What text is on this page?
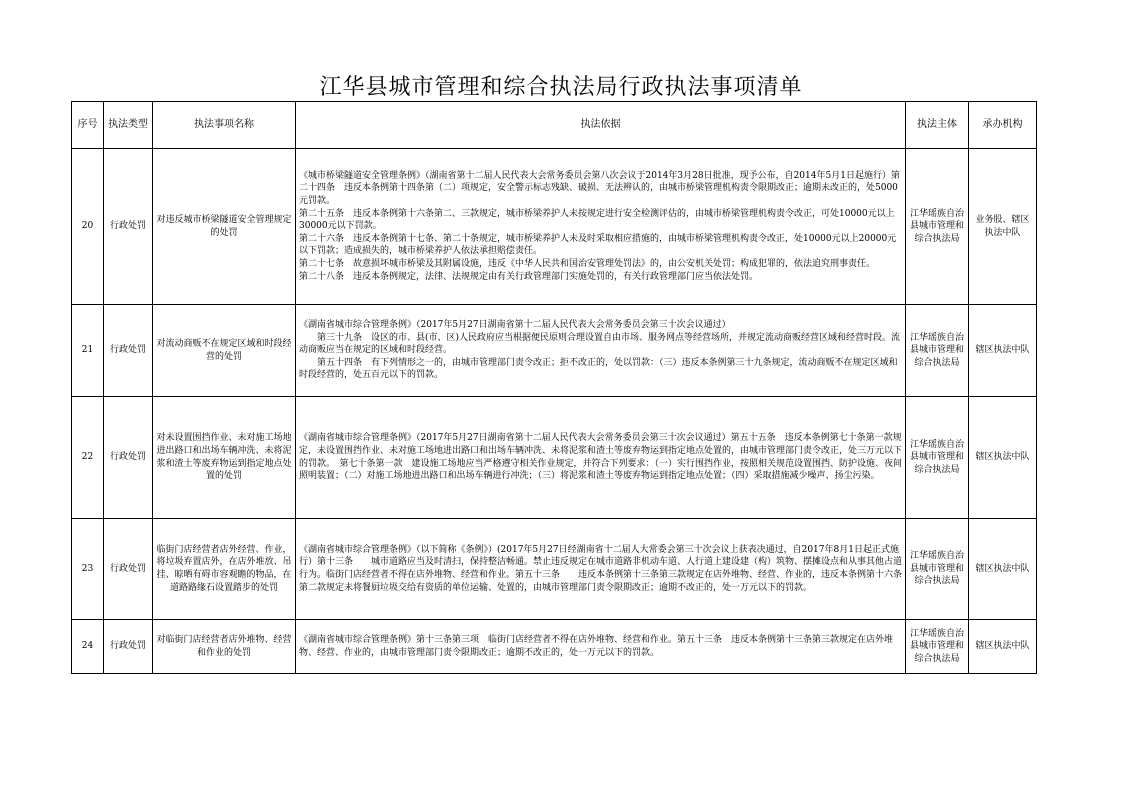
江华县城市管理和综合执法局行政执法事项清单
序号	执法类型	执法事项名称	执法依据	执法主体	承办机构
20	行政处罚	对违反城市桥梁隧道安全管理规定的处罚	《城市桥梁隧道安全管理条例》（湖南省第十二届人民代表大会常务委员会第八次会议于2014年3月28日批准，现予公布，自2014年5月1日起施行）第二十四条　违反本条例第十四条第（二）项规定，安全警示标志残缺、破损、无法辨认的，由城市桥梁管理机构责令限期改正；逾期未改正的，处5000元罚款。
第二十五条　违反本条例第十六条第二、三款规定，城市桥梁养护人未按规定进行安全检测评估的，由城市桥梁管理机构责令改正，可处10000元以上30000元以下罚款。
第二十六条　违反本条例第十七条、第二十条规定，城市桥梁养护人未及时采取相应措施的，由城市桥梁管理机构责令改正，处10000元以上20000元以下罚款；造成损失的，城市桥梁养护人依法承担赔偿责任。
第二十七条　故意损坏城市桥梁及其附属设施，违反《中华人民共和国治安管理处罚法》的，由公安机关处罚；构成犯罪的，依法追究刑事责任。
第二十八条　违反本条例规定，法律、法规规定由有关行政管理部门实施处罚的，有关行政管理部门应当依法处罚。	江华瑶族自治县城市管理和综合执法局	业务股、辖区执法中队
21	行政处罚	对流动商贩不在规定区域和时段经营的处罚	《湖南省城市综合管理条例》（2017年5月27日湖南省第十二届人民代表大会常务委员会第三十次会议通过）
第三十九条　设区的市、县(市、区)人民政府应当根据便民原则合理设置自由市场、服务网点等经营场所，并规定流动商贩经营区域和经营时段。流动商贩应当在规定的区域和时段经营。
第五十四条　有下列情形之一的，由城市管理部门责令改正；拒不改正的，处以罚款：（三）违反本条例第三十九条规定，流动商贩不在规定区域和时段经营的，处五百元以下的罚款。	江华瑶族自治县城市管理和综合执法局	辖区执法中队
22	行政处罚	对未设置围挡作业、未对施工场地进出路口和出场车辆冲洗、未将泥浆和渣土等废弃物运到指定地点处置的处罚	《湖南省城市综合管理条例》（2017年5月27日湖南省第十二届人民代表大会常务委员会第三十次会议通过）第五十五条　违反本条例第七十条第一款规定，未设置围挡作业、未对施工场地进出路口和出场车辆冲洗、未将泥浆和渣土等废弃物运到指定地点处置的，由城市管理部门责令改正，处三万元以下的罚款。　第七十条第一款　建设施工场地应当严格遵守相关作业规定，并符合下列要求：（一）实行围挡作业，按照相关规范设置围挡、防护设施、夜间照明装置；（二）对施工场地进出路口和出场车辆进行冲洗；（三）将泥浆和渣土等废弃物运到指定地点处置；（四）采取措施减少噪声、扬尘污染。	江华瑶族自治县城市管理和综合执法局	辖区执法中队
23	行政处罚	临街门店经营者店外经营、作业，将垃圾弃置店外，在店外堆放、吊挂、晾晒有碍市容观瞻的物品，在道路路缘石设置踏步的处罚	《湖南省城市综合管理条例》（以下简称《条例》）(2017年5月27日经湖南省十二届人大常委会第三十次会议上获表决通过，自2017年8月1日起正式施行）第十三条　　城市道路应当及时清扫，保持整洁畅通。禁止违反规定在城市道路非机动车道、人行道上建设建（构）筑物、摆摊设点和从事其他占道行为。临街门店经营者不得在店外堆物、经营和作业。第五十三条　　违反本条例第十三条第三款规定在店外堆物、经营、作业的，违反本条例第十六条第二款规定未将餐厨垃圾交给有资质的单位运输、处置的，由城市管理部门责令限期改正；逾期不改正的，处一万元以下的罚款。	江华瑶族自治县城市管理和综合执法局	辖区执法中队
24	行政处罚	对临街门店经营者店外堆物、经营和作业的处罚	《湖南省城市综合管理条例》第十三条第三项　临街门店经营者不得在店外堆物、经营和作业。第五十三条　违反本条例第十三条第三款规定在店外堆物、经营、作业的，由城市管理部门责令限期改正；逾期不改正的，处一万元以下的罚款。	江华瑶族自治县城市管理和综合执法局	辖区执法中队
